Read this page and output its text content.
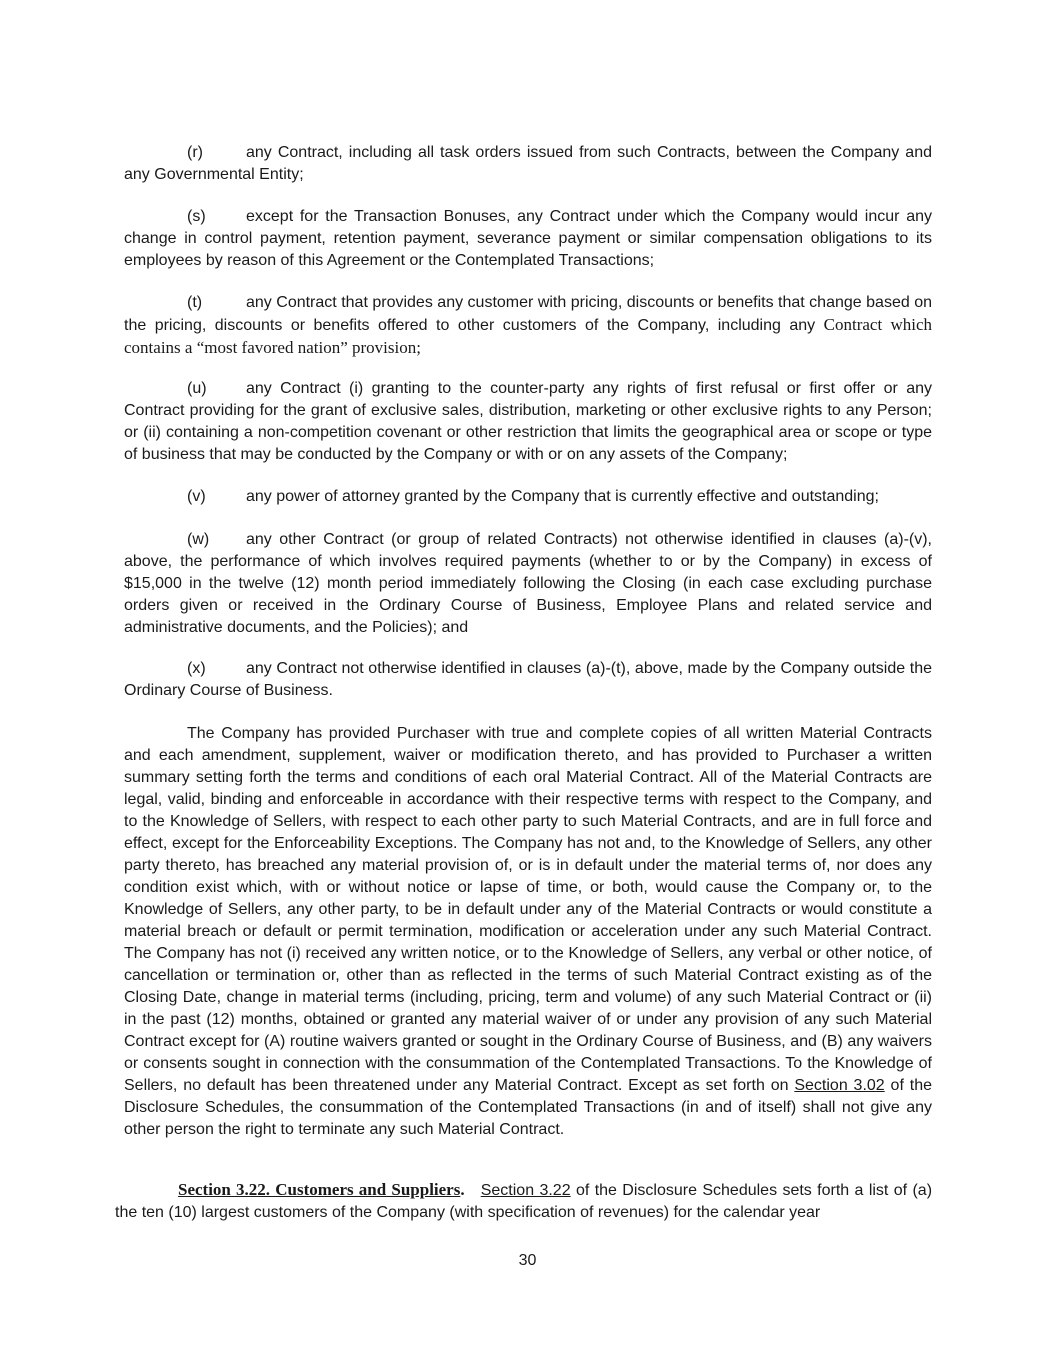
(r)	any Contract, including all task orders issued from such Contracts, between the Company and any Governmental Entity;

(s)	except for the Transaction Bonuses, any Contract under which the Company would incur any change in control payment, retention payment, severance payment or similar compensation obligations to its employees by reason of this Agreement or the Contemplated Transactions;

(t)	any Contract that provides any customer with pricing, discounts or benefits that change based on the pricing, discounts or benefits offered to other customers of the Company, including any Contract which contains a “most favored nation” provision;

(u) any Contract (i) granting to the counter-party any rights of first refusal or first offer or any Contract providing for the grant of exclusive sales, distribution, marketing or other exclusive rights to any Person; or (ii) containing a non-competition covenant or other restriction that limits the geographical area or scope or type of business that may be conducted by the Company or with or on any assets of the Company;

(v)	any power of attorney granted by the Company that is currently effective and outstanding;

(w) any other Contract (or group of related Contracts) not otherwise identified in clauses (a)-(v), above, the performance of which involves required payments (whether to or by the Company) in excess of $15,000 in the twelve (12) month period immediately following the Closing (in each case excluding purchase orders given or received in the Ordinary Course of Business, Employee Plans and related service and administrative documents, and the Policies); and

(x)	any Contract not otherwise identified in clauses (a)-(t), above, made by the Company outside the Ordinary Course of Business.

The Company has provided Purchaser with true and complete copies of all written Material Contracts and each amendment, supplement, waiver or modification thereto, and has provided to Purchaser a written summary setting forth the terms and conditions of each oral Material Contract. All of the Material Contracts are legal, valid, binding and enforceable in accordance with their respective terms with respect to the Company, and to the Knowledge of Sellers, with respect to each other party to such Material Contracts, and are in full force and effect, except for the Enforceability Exceptions. The Company has not and, to the Knowledge of Sellers, any other party thereto, has breached any material provision of, or is in default under the material terms of, nor does any condition exist which, with or without notice or lapse of time, or both, would cause the Company or, to the Knowledge of Sellers, any other party, to be in default under any of the Material Contracts or would constitute a material breach or default or permit termination, modification or acceleration under any such Material Contract. The Company has not (i) received any written notice, or to the Knowledge of Sellers, any verbal or other notice, of cancellation or termination or, other than as reflected in the terms of such Material Contract existing as of the Closing Date, change in material terms (including, pricing, term and volume) of any such Material Contract or (ii) in the past (12) months, obtained or granted any material waiver of or under any provision of any such Material Contract except for (A) routine waivers granted or sought in the Ordinary Course of Business, and (B) any waivers or consents sought in connection with the consummation of the Contemplated Transactions. To the Knowledge of Sellers, no default has been threatened under any Material Contract. Except as set forth on Section 3.02 of the Disclosure Schedules, the consummation of the Contemplated Transactions (in and of itself) shall not give any other person the right to terminate any such Material Contract.

Section 3.22. Customers and Suppliers. Section 3.22 of the Disclosure Schedules sets forth a list of (a) the ten (10) largest customers of the Company (with specification of revenues) for the calendar year

30
